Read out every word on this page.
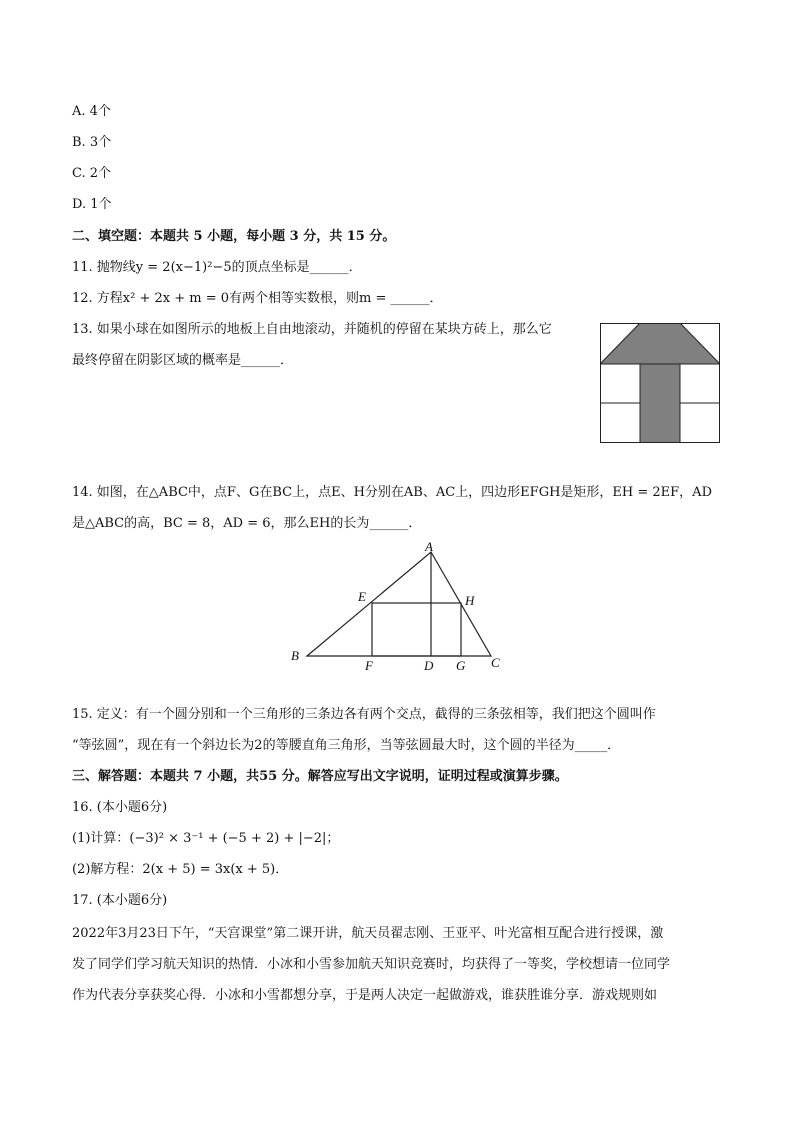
A. 4个
B. 3个
C. 2个
D. 1个
二、填空题：本题共 5 小题，每小题 3 分，共 15 分。
11. 抛物线y = 2(x−1)²−5的顶点坐标是______．
12. 方程x² + 2x + m = 0有两个相等实数根，则m = ______．
13. 如果小球在如图所示的地板上自由地滚动，并随机的停留在某块方砖上，那么它
最终停留在阴影区域的概率是______．
14. 如图，在△ABC中，点F、G在BC上，点E、H分别在AB、AC上，四边形EFGH是矩形，EH = 2EF，AD
是△ABC的高，BC = 8，AD = 6，那么EH的长为______．
A
B	C
D
E
F	G
H
15. 定义：有一个圆分别和一个三角形的三条边各有两个交点，截得的三条弦相等，我们把这个圆叫作
“等弦圆”，现在有一个斜边长为2的等腰直角三角形，当等弦圆最大时，这个圆的半径为_____．
三、解答题：本题共 7 小题，共55 分。解答应写出文字说明，证明过程或演算步骤。
16. (本小题6分)
(1)计算：(−3)² × 3⁻¹ + (−5 + 2) + |−2|；
(2)解方程：2(x + 5) = 3x(x + 5)．
17. (本小题6分)
2022年3月23日下午，“天宫课堂”第二课开讲，航天员翟志刚、王亚平、叶光富相互配合进行授课，激
发了同学们学习航天知识的热情．小冰和小雪参加航天知识竞赛时，均获得了一等奖，学校想请一位同学
作为代表分享获奖心得．小冰和小雪都想分享，于是两人决定一起做游戏，谁获胜谁分享．游戏规则如
